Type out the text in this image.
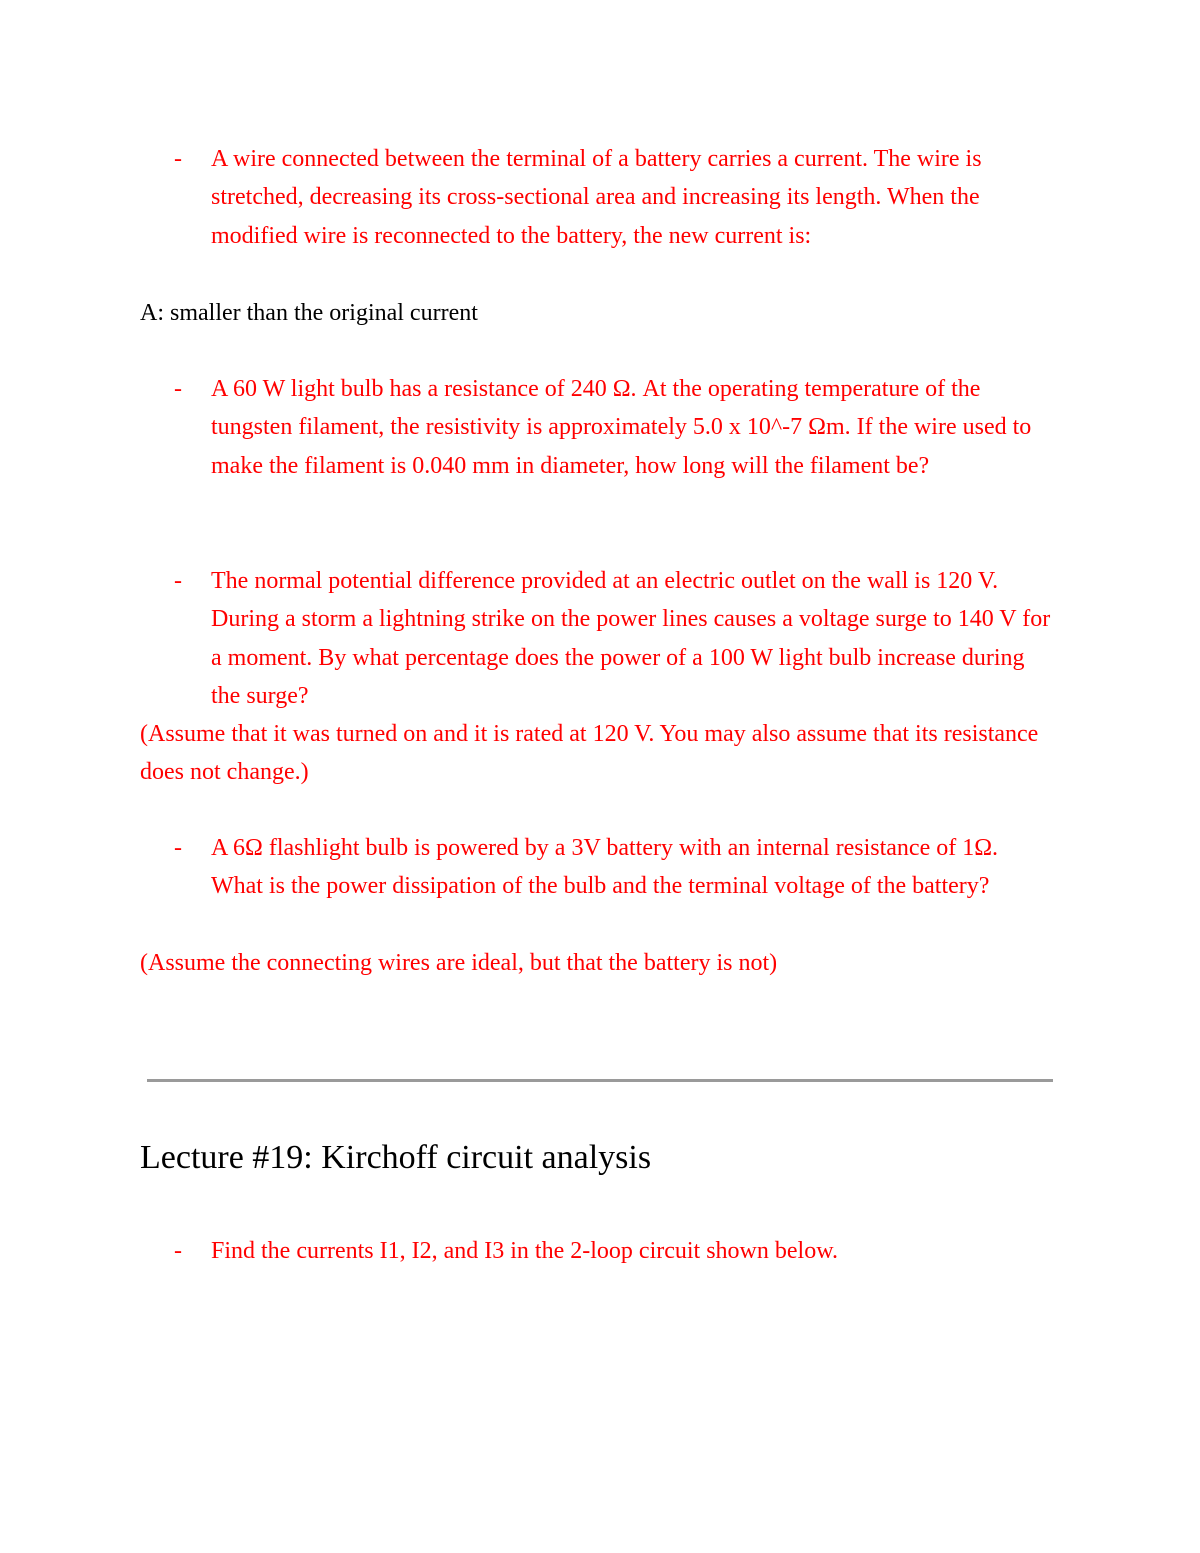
- A wire connected between the terminal of a battery carries a current. The wire is stretched, decreasing its cross-sectional area and increasing its length. When the modified wire is reconnected to the battery, the new current is:

A: smaller than the original current

- A 60 W light bulb has a resistance of 240 Ω. At the operating temperature of the tungsten filament, the resistivity is approximately 5.0 x 10^-7 Ωm. If the wire used to make the filament is 0.040 mm in diameter, how long will the filament be?

- The normal potential difference provided at an electric outlet on the wall is 120 V. During a storm a lightning strike on the power lines causes a voltage surge to 140 V for a moment. By what percentage does the power of a 100 W light bulb increase during the surge?

(Assume that it was turned on and it is rated at 120 V. You may also assume that its resistance does not change.)

- A 6Ω flashlight bulb is powered by a 3V battery with an internal resistance of 1Ω. What is the power dissipation of the bulb and the terminal voltage of the battery?

(Assume the connecting wires are ideal, but that the battery is not)

Lecture #19: Kirchoff circuit analysis
- Find the currents I1, I2, and I3 in the 2-loop circuit shown below.
